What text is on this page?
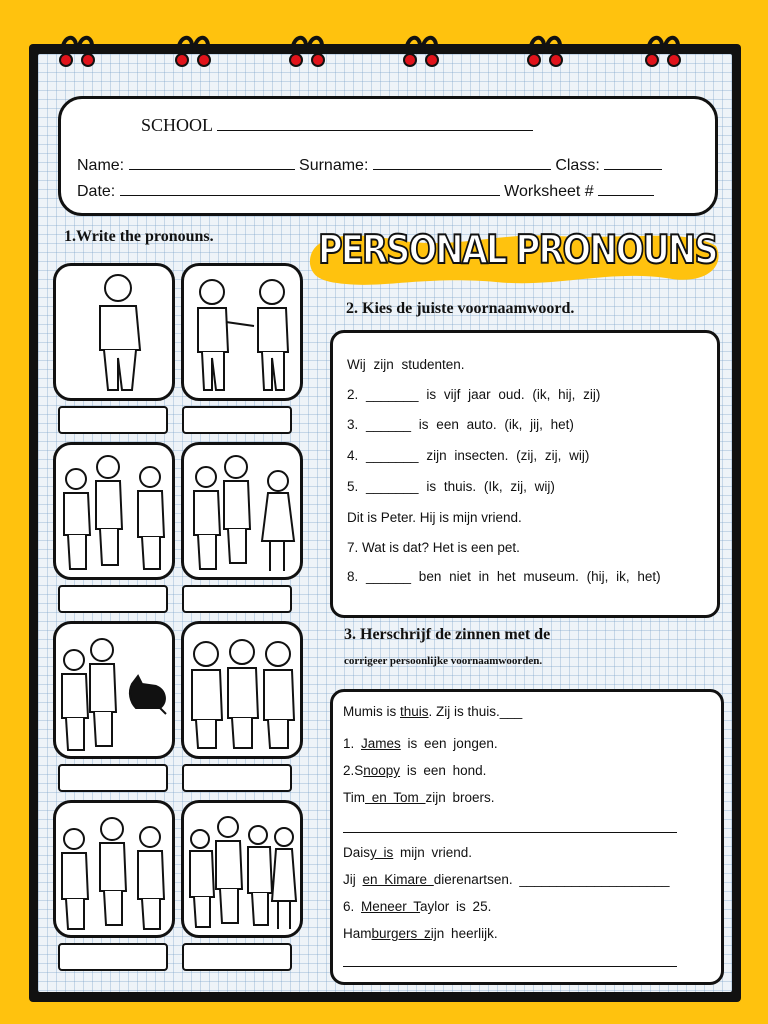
SCHOOL
Name:	Surname:	Class:
Date:	Worksheet #
PERSONAL PRONOUNS
1.Write the pronouns.
2. Kies de juiste voornaamwoord.
Wij zijn studenten.
2. _______ is vijf jaar oud. (ik, hij, zij)
3. ______ is een auto. (ik, jij, het)
4. _______ zijn insecten. (zij, zij, wij)
5. _______ is thuis. (Ik, zij, wij)
Dit is Peter. Hij is mijn vriend.
7. Wat is dat? Het is een pet.
8. ______ ben niet in het museum. (hij, ik, het)
3. Herschrijf de zinnen met de
corrigeer persoonlijke voornaamwoorden.
Mumis is thuis. Zij is thuis.___
1. James is een jongen.
2.Snoopy is een hond.
Tim en Tom zijn broers.
Daisy is mijn vriend.
Jij en Kimare dierenartsen. ____________________
6. Meneer Taylor is 25.
Hamburgers zijn heerlijk.
